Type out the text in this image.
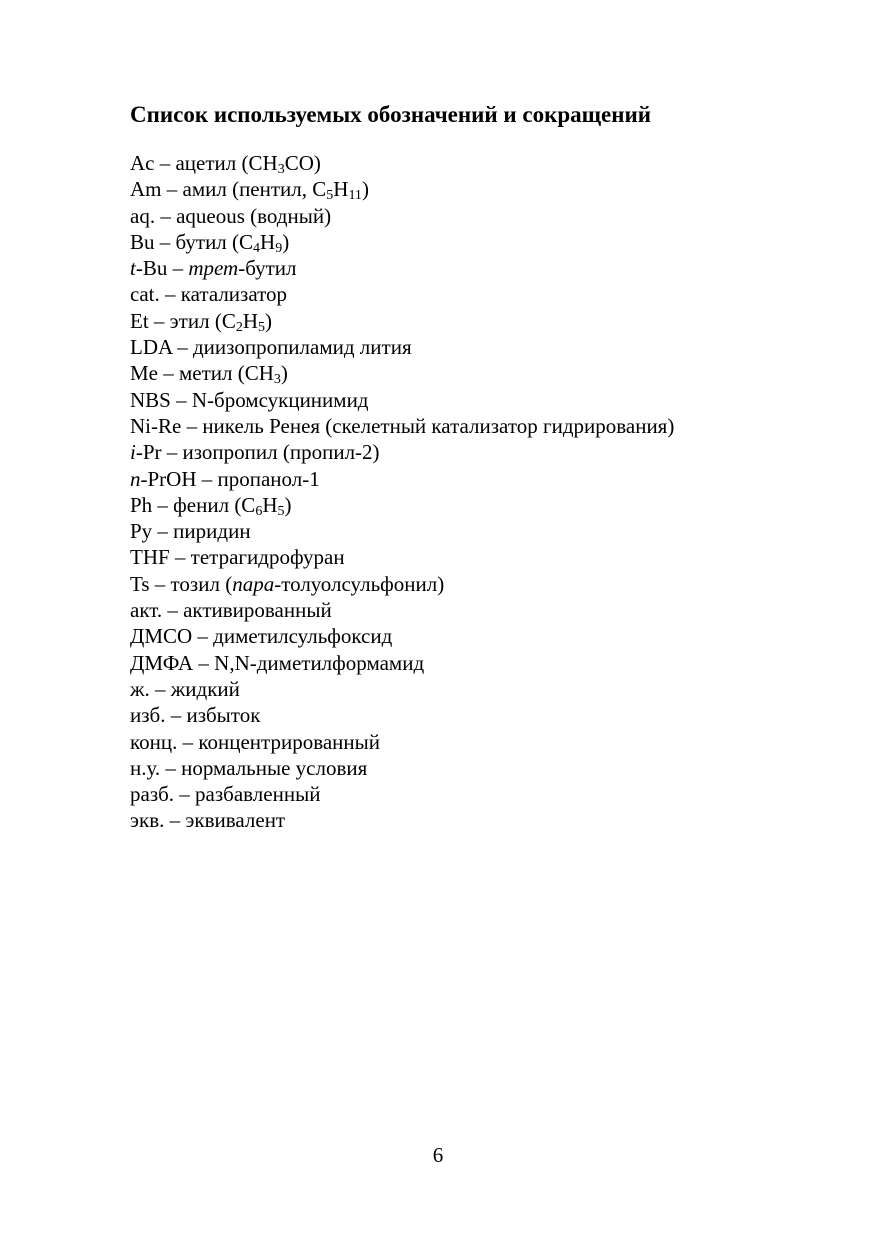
Список используемых обозначений и сокращений
Ac – ацетил $(CH_3CO)$
Am – амил (пентил, $C_5H_{11}$)
aq. – aqueous (водный)
Bu – бутил $(C_4H_9)$
t-Bu – трет-бутил
cat. – катализатор
Et – этил $(C_2H_5)$
LDA – диизопропиламид лития
Me – метил $(CH_3)$
NBS – N-бромсукцинимид
Ni-Re – никель Ренея (скелетный катализатор гидрирования)
i-Pr – изопропил (пропил-2)
n-PrOH – пропанол-1
Ph – фенил $(C_6H_5)$
Py – пиридин
THF – тетрагидрофуран
Ts – тозил (пара-толуолсульфонил)
акт. – активированный
ДМСО – диметилсульфоксид
ДМФА – N,N-диметилформамид
ж. – жидкий
изб. – избыток
конц. – концентрированный
н.у. – нормальные условия
разб. – разбавленный
экв. – эквивалент
6
